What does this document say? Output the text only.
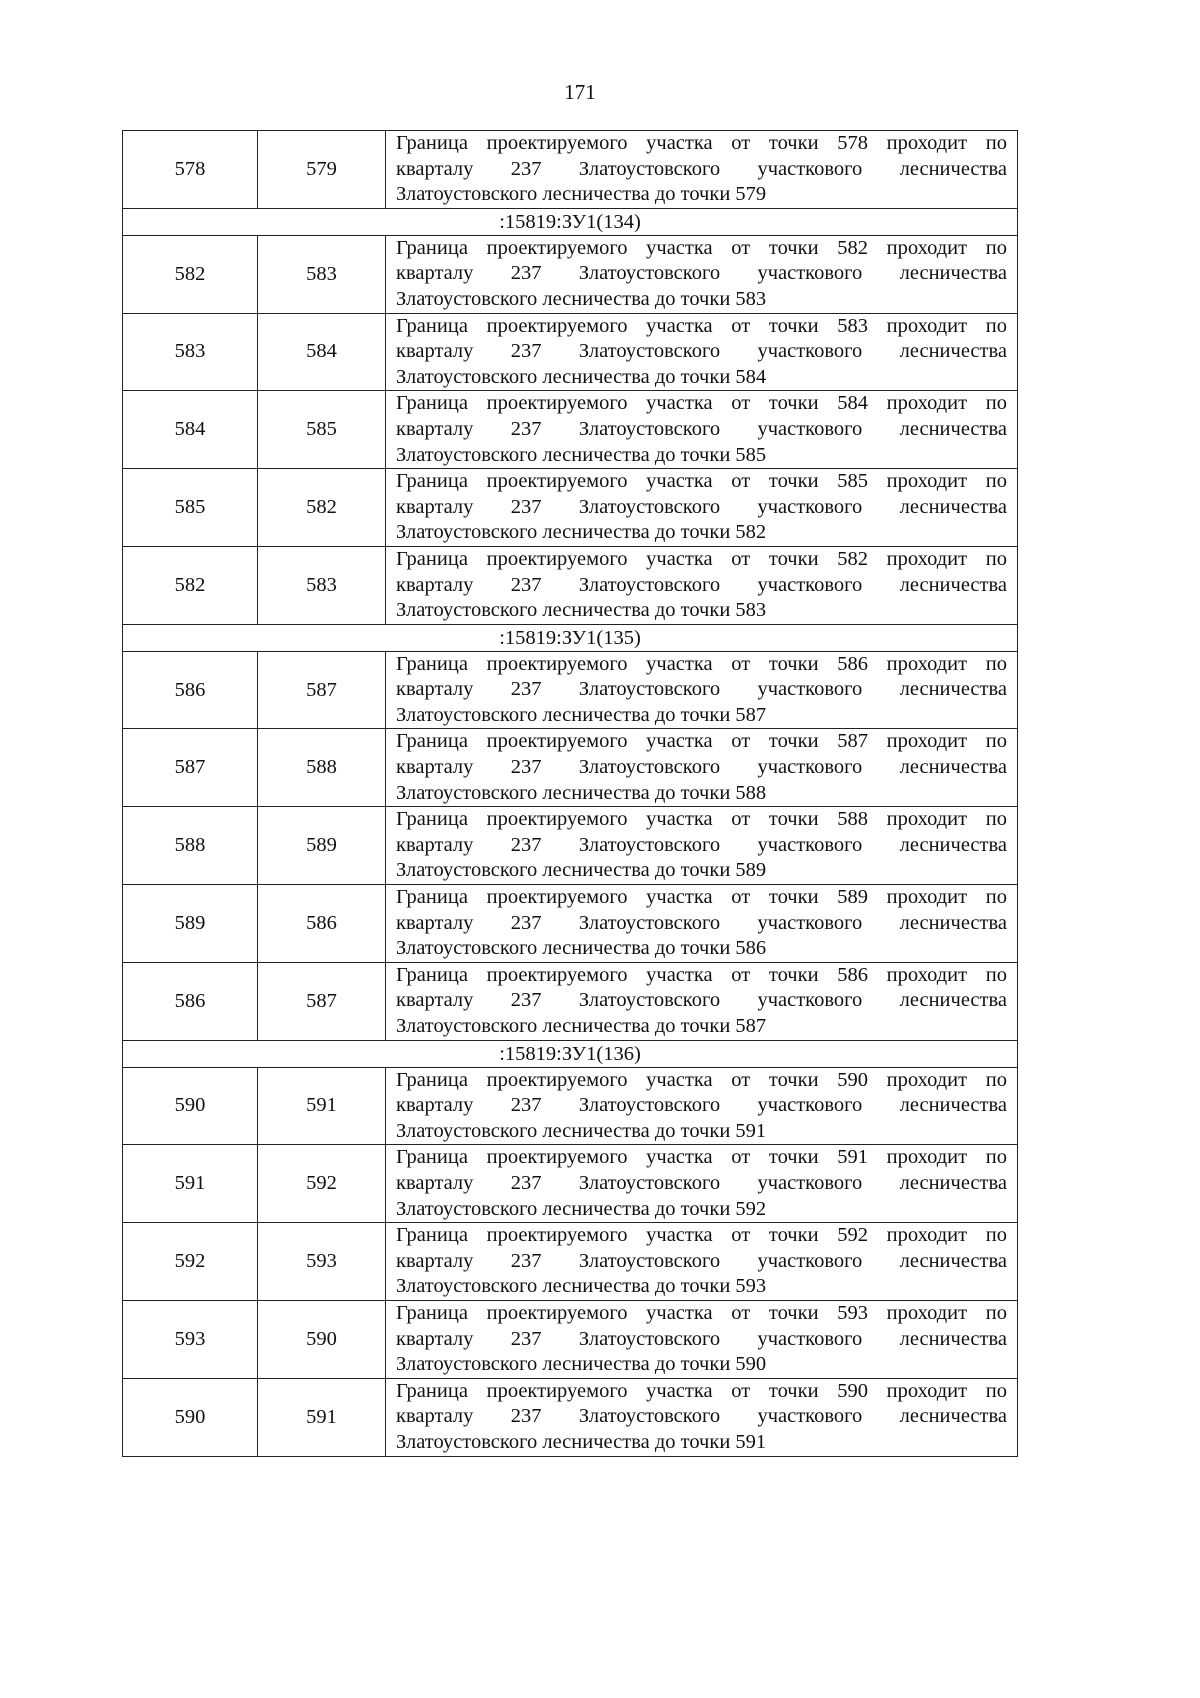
171
578	579	Граница проектируемого участка от точки 578 проходит по
кварталу 237 Златоустовского участкового лесничества
Златоустовского лесничества до точки 579

:15819:ЗУ1(134)		
582	583	Граница проектируемого участка от точки 582 проходит по
кварталу 237 Златоустовского участкового лесничества
Златоустовского лесничества до точки 583

583	584	Граница проектируемого участка от точки 583 проходит по
кварталу 237 Златоустовского участкового лесничества
Златоустовского лесничества до точки 584

584	585	Граница проектируемого участка от точки 584 проходит по
кварталу 237 Златоустовского участкового лесничества
Златоустовского лесничества до точки 585

585	582	Граница проектируемого участка от точки 585 проходит по
кварталу 237 Златоустовского участкового лесничества
Златоустовского лесничества до точки 582

582	583	Граница проектируемого участка от точки 582 проходит по
кварталу 237 Златоустовского участкового лесничества
Златоустовского лесничества до точки 583

:15819:ЗУ1(135)		
586	587	Граница проектируемого участка от точки 586 проходит по
кварталу 237 Златоустовского участкового лесничества
Златоустовского лесничества до точки 587

587	588	Граница проектируемого участка от точки 587 проходит по
кварталу 237 Златоустовского участкового лесничества
Златоустовского лесничества до точки 588

588	589	Граница проектируемого участка от точки 588 проходит по
кварталу 237 Златоустовского участкового лесничества
Златоустовского лесничества до точки 589

589	586	Граница проектируемого участка от точки 589 проходит по
кварталу 237 Златоустовского участкового лесничества
Златоустовского лесничества до точки 586

586	587	Граница проектируемого участка от точки 586 проходит по
кварталу 237 Златоустовского участкового лесничества
Златоустовского лесничества до точки 587

:15819:ЗУ1(136)		
590	591	Граница проектируемого участка от точки 590 проходит по
кварталу 237 Златоустовского участкового лесничества
Златоустовского лесничества до точки 591

591	592	Граница проектируемого участка от точки 591 проходит по
кварталу 237 Златоустовского участкового лесничества
Златоустовского лесничества до точки 592

592	593	Граница проектируемого участка от точки 592 проходит по
кварталу 237 Златоустовского участкового лесничества
Златоустовского лесничества до точки 593

593	590	Граница проектируемого участка от точки 593 проходит по
кварталу 237 Златоустовского участкового лесничества
Златоустовского лесничества до точки 590

590	591	Граница проектируемого участка от точки 590 проходит по
кварталу 237 Златоустовского участкового лесничества
Златоустовского лесничества до точки 591
